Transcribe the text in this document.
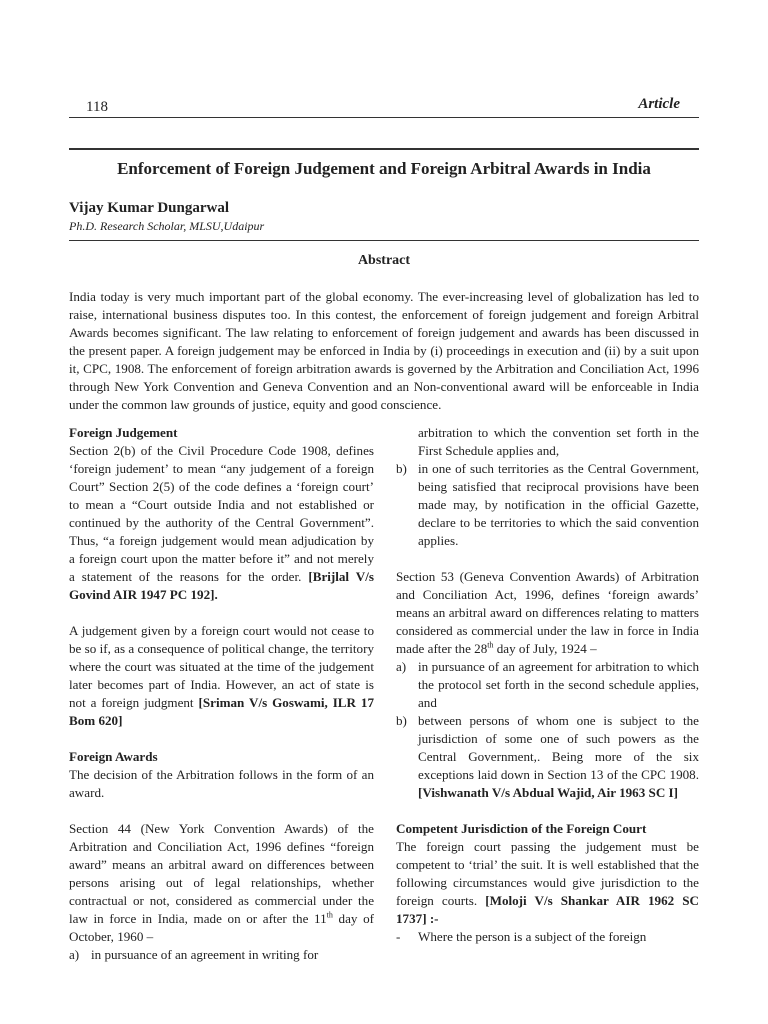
118	Article
Enforcement of Foreign Judgement and Foreign Arbitral Awards in India
Vijay Kumar Dungarwal
Ph.D. Research Scholar, MLSU,Udaipur
Abstract
India today is very much important part of the global economy. The ever-increasing level of globalization has led to raise, international business disputes too. In this contest, the enforcement of foreign judgement and foreign Arbitral Awards becomes significant. The law relating to enforcement of foreign judgement and awards has been discussed in the present paper. A foreign judgement may be enforced in India by (i) proceedings in execution and (ii) by a suit upon it, CPC, 1908. The enforcement of foreign arbitration awards is governed by the Arbitration and Conciliation Act, 1996 through New York Convention and Geneva Convention and an Non-conventional award will be enforceable in India under the common law grounds of justice, equity and good conscience.

Foreign Judgement

Section 2(b) of the Civil Procedure Code 1908, defines ‘foreign judement’ to mean “any judgement of a foreign Court” Section 2(5) of the code defines a ‘foreign court’ to mean a “Court outside India and not established or continued by the authority of the Central Government”. Thus, “a foreign judgement would mean adjudication by a foreign court upon the matter before it” and not merely a statement of the reasons for the order. [Brijlal V/s Govind AIR 1947 PC 192].

A judgement given by a foreign court would not cease to be so if, as a consequence of political change, the territory where the court was situated at the time of the judgement later becomes part of India. However, an act of state is not a foreign judgment [Sriman V/s Goswami, ILR 17 Bom 620]

Foreign Awards

The decision of the Arbitration follows in the form of an award.

Section 44 (New York Convention Awards) of the Arbitration and Conciliation Act, 1996 defines “foreign award” means an arbitral award on differences between persons arising out of legal relationships, whether contractual or not, considered as commercial under the law in force in India, made on or after the 11th day of October, 1960 –

a) in pursuance of an agreement in writing for

arbitration to which the convention set forth in the First Schedule applies and,

b) in one of such territories as the Central Government, being satisfied that reciprocal provisions have been made may, by notification in the official Gazette, declare to be territories to which the said convention applies.

Section 53 (Geneva Convention Awards) of Arbitration and Conciliation Act, 1996, defines ‘foreign awards’ means an arbitral award on differences relating to matters considered as commercial under the law in force in India made after the 28th day of July, 1924 –

a) in pursuance of an agreement for arbitration to which the protocol set forth in the second schedule applies, and
b) between persons of whom one is subject to the jurisdiction of some one of such powers as the Central Government,. Being more of the six exceptions laid down in Section 13 of the CPC 1908. [Vishwanath V/s Abdual Wajid, Air 1963 SC I]

Competent Jurisdiction of the Foreign Court

The foreign court passing the judgement must be competent to ‘trial’ the suit. It is well established that the following circumstances would give jurisdiction to the foreign courts. [Moloji V/s Shankar AIR 1962 SC 1737] :-

-	Where the person is a subject of the foreign
